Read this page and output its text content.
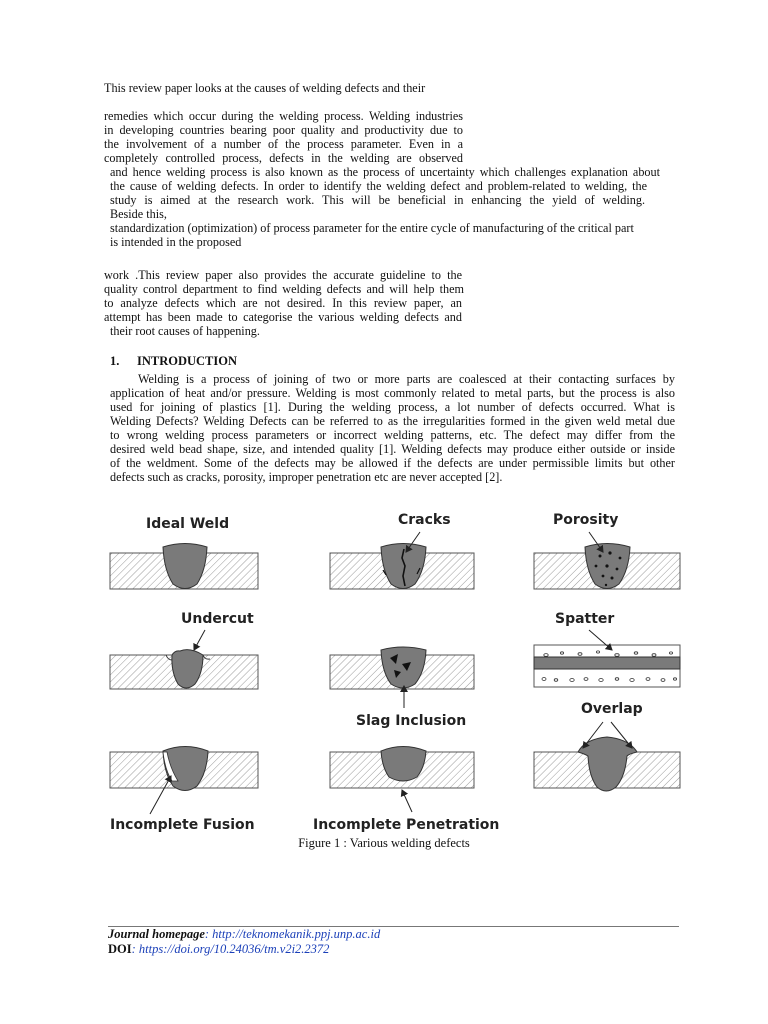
This review paper looks at the causes of welding defects and their
remedies which occur during the welding process. Welding industries
in developing countries bearing poor quality and productivity due to
the involvement of a number of the process parameter. Even in a
completely controlled process, defects in the welding are observed
and hence welding process is also known as the process of uncertainty which challenges explanation about
the cause of welding defects. In order to identify the welding defect and problem-related to welding, the
study is aimed at the research work. This will be beneficial in enhancing the yield of welding.
Beside this,
standardization (optimization) of process parameter for the entire cycle of manufacturing of the critical part
is intended in the proposed
work .This review paper also provides the accurate guideline to the
quality control department to find welding defects and will help them
to analyze defects which are not desired. In this review paper, an
attempt has been made to categorise the various welding defects and
their root causes of happening.
1. INTRODUCTION
Welding is a process of joining of two or more parts are coalesced at their contacting surfaces by
application of heat and/or pressure. Welding is most commonly related to metal parts, but the process is also
used for joining of plastics [1]. During the welding process, a lot number of defects occurred. What is
Welding Defects? Welding Defects can be referred to as the irregularities formed in the given weld metal due
to wrong welding process parameters or incorrect welding patterns, etc. The defect may differ from the
desired weld bead shape, size, and intended quality [1]. Welding defects may produce either outside or inside
of the weldment. Some of the defects may be allowed if the defects are under permissible limits but other
defects such as cracks, porosity, improper penetration etc are never accepted [2].
Ideal Weld	Cracks	Porosity
Undercut	Spatter
Slag Inclusion
Overlap
Incomplete Fusion	Incomplete Penetration
Figure 1 : Various welding defects
Journal homepage: http://teknomekanik.ppj.unp.ac.id
DOI: https://doi.org/10.24036/tm.v2i2.2372
